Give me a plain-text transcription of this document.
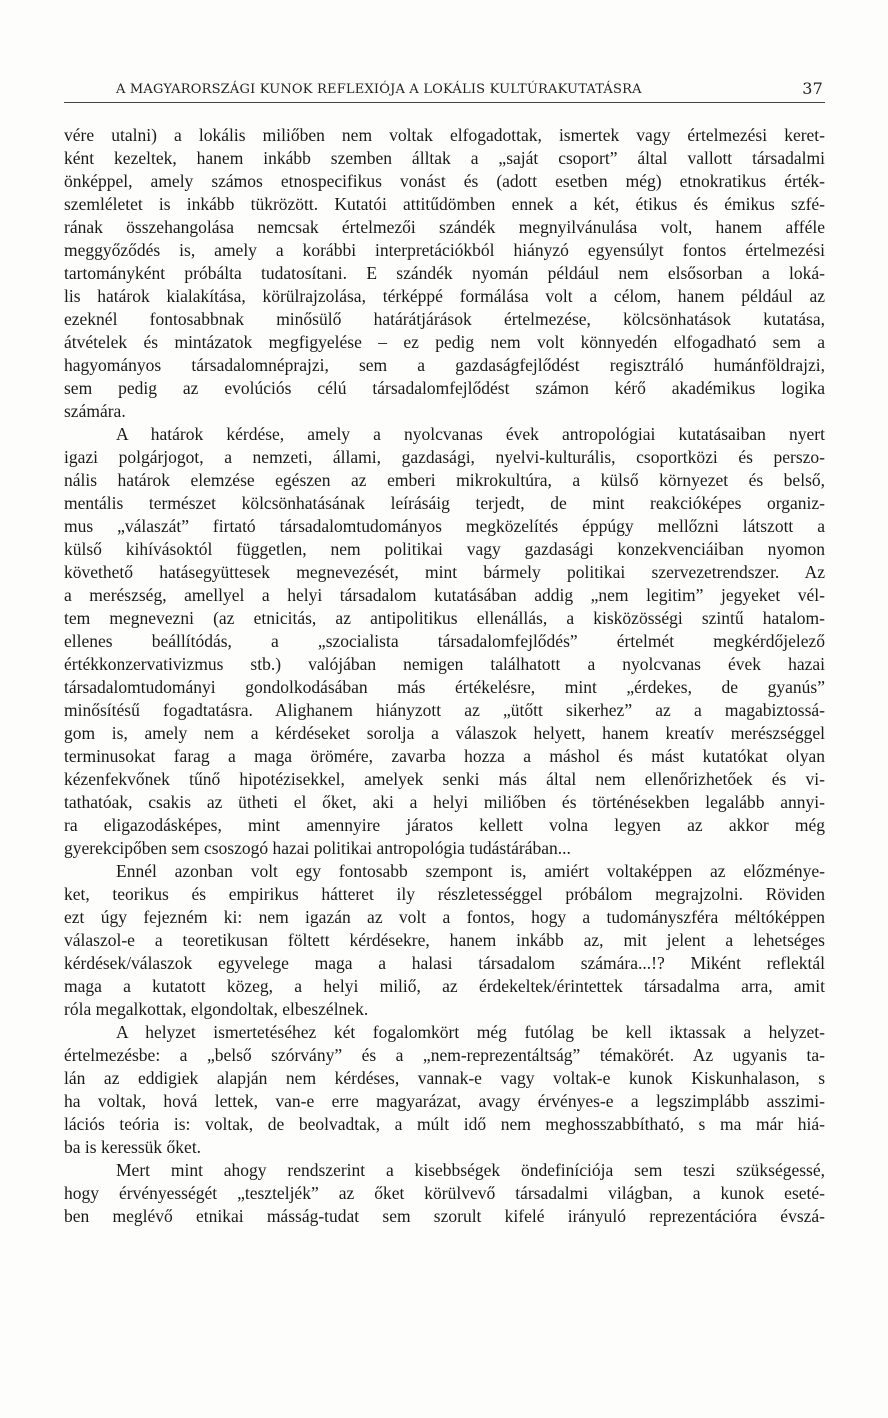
A MAGYARORSZÁGI KUNOK REFLEXIÓJA A LOKÁLIS KULTÚRAKUTATÁSRA	37
vére utalni) a lokális miliőben nem voltak elfogadottak, ismertek vagy értelmezési keret-
ként kezeltek, hanem inkább szemben álltak a „saját csoport” által vallott társadalmi
önképpel, amely számos etnospecifikus vonást és (adott esetben még) etnokratikus érték-
szemléletet is inkább tükrözött. Kutatói attitűdömben ennek a két, étikus és émikus szfé-
rának összehangolása nemcsak értelmezői szándék megnyilvánulása volt, hanem afféle
meggyőződés is, amely a korábbi interpretációkból hiányzó egyensúlyt fontos értelmezési
tartományként próbálta tudatosítani. E szándék nyomán például nem elsősorban a loká-
lis határok kialakítása, körülrajzolása, térképpé formálása volt a célom, hanem például az
ezeknél fontosabbnak minősülő határátjárások értelmezése, kölcsönhatások kutatása,
átvételek és mintázatok megfigyelése – ez pedig nem volt könnyedén elfogadható sem a
hagyományos társadalomnéprajzi, sem a gazdaságfejlődést regisztráló humánföldrajzi,
sem pedig az evolúciós célú társadalomfejlődést számon kérő akadémikus logika
számára.
A határok kérdése, amely a nyolcvanas évek antropológiai kutatásaiban nyert
igazi polgárjogot, a nemzeti, állami, gazdasági, nyelvi-kulturális, csoportközi és perszo-
nális határok elemzése egészen az emberi mikrokultúra, a külső környezet és belső,
mentális természet kölcsönhatásának leírásáig terjedt, de mint reakcióképes organiz-
mus „válaszát” firtató társadalomtudományos megközelítés éppúgy mellőzni látszott a
külső kihívásoktól független, nem politikai vagy gazdasági konzekvenciáiban nyomon
követhető hatásegyüttesek megnevezését, mint bármely politikai szervezetrendszer. Az
a merészség, amellyel a helyi társadalom kutatásában addig „nem legitim” jegyeket vél-
tem megnevezni (az etnicitás, az antipolitikus ellenállás, a kisközösségi szintű hatalom-
ellenes beállítódás, a „szocialista társadalomfejlődés” értelmét megkérdőjelező
értékkonzervativizmus stb.) valójában nemigen találhatott a nyolcvanas évek hazai
társadalomtudományi gondolkodásában más értékelésre, mint „érdekes, de gyanús”
minősítésű fogadtatásra. Alighanem hiányzott az „ütőtt sikerhez” az a magabiztossá-
gom is, amely nem a kérdéseket sorolja a válaszok helyett, hanem kreatív merészséggel
terminusokat farag a maga örömére, zavarba hozza a máshol és mást kutatókat olyan
kézenfekvőnek tűnő hipotézisekkel, amelyek senki más által nem ellenőrizhetőek és vi-
tathatóak, csakis az ütheti el őket, aki a helyi miliőben és történésekben legalább annyi-
ra eligazodásképes, mint amennyire járatos kellett volna legyen az akkor még
gyerekcipőben sem csoszogó hazai politikai antropológia tudástárában...
Ennél azonban volt egy fontosabb szempont is, amiért voltaképpen az előzménye-
ket, teorikus és empirikus hátteret ily részletességgel próbálom megrajzolni. Röviden
ezt úgy fejezném ki: nem igazán az volt a fontos, hogy a tudományszféra méltóképpen
válaszol-e a teoretikusan föltett kérdésekre, hanem inkább az, mit jelent a lehetséges
kérdések/válaszok egyvelege maga a halasi társadalom számára...!? Miként reflektál
maga a kutatott közeg, a helyi miliő, az érdekeltek/érintettek társadalma arra, amit
róla megalkottak, elgondoltak, elbeszélnek.
A helyzet ismertetéséhez két fogalomkört még futólag be kell iktassak a helyzet-
értelmezésbe: a „belső szórvány” és a „nem-reprezentáltság” témakörét. Az ugyanis ta-
lán az eddigiek alapján nem kérdéses, vannak-e vagy voltak-e kunok Kiskunhalason, s
ha voltak, hová lettek, van-e erre magyarázat, avagy érvényes-e a legszimplább asszimi-
lációs teória is: voltak, de beolvadtak, a múlt idő nem meghosszabbítható, s ma már hiá-
ba is keressük őket.
Mert mint ahogy rendszerint a kisebbségek öndefiníciója sem teszi szükségessé,
hogy érvényességét „teszteljék” az őket körülvevő társadalmi világban, a kunok eseté-
ben meglévő etnikai másság-tudat sem szorult kifelé irányuló reprezentációra évszá-
